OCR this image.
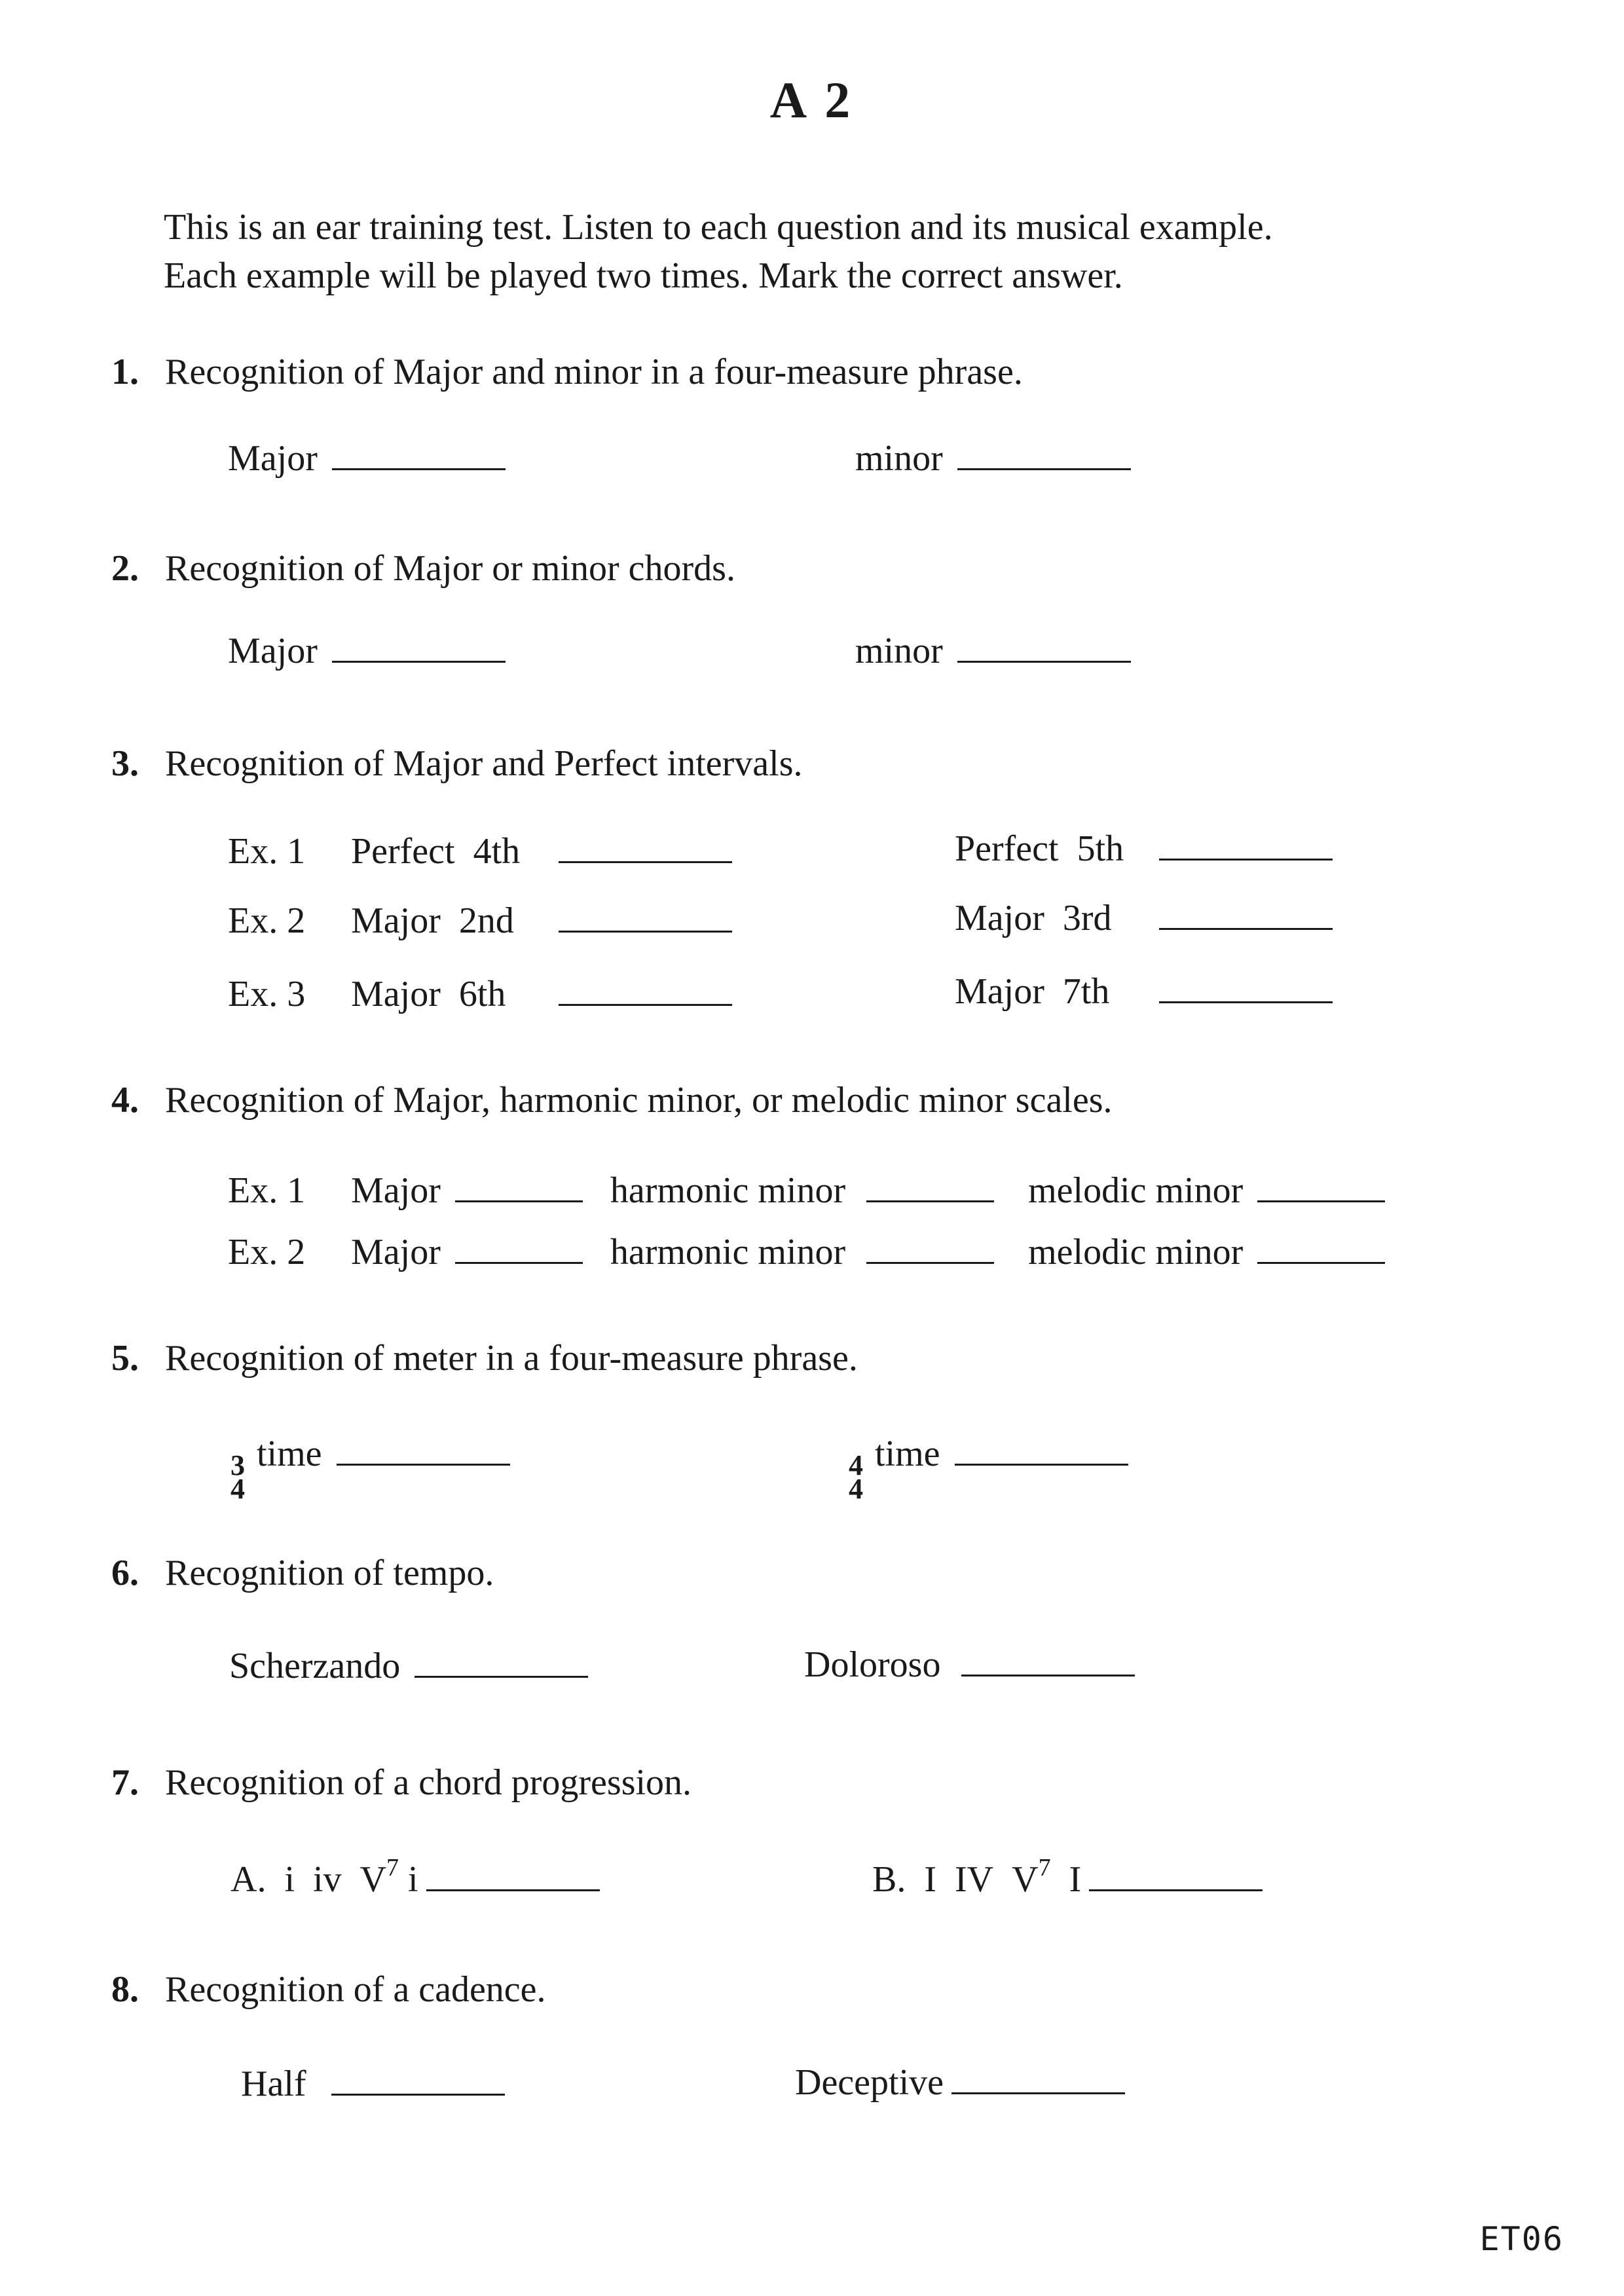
A 2
This is an ear training test. Listen to each question and its musical example.
Each example will be played two times. Mark the correct answer.
1. Recognition of Major and minor in a four-measure phrase.
Major	minor
2. Recognition of Major or minor chords.
Major	minor
3. Recognition of Major and Perfect intervals.
Ex. 1	Perfect  4th	Perfect  5th
Ex. 2	Major  2nd	Major  3rd
Ex. 3	Major  6th	Major  7th
4. Recognition of Major, harmonic minor, or melodic minor scales.
Ex. 1	Major	harmonic minor	melodic minor
Ex. 2	Major	harmonic minor	melodic minor
5. Recognition of meter in a four-measure phrase.
3
4
time	4
4
time
6. Recognition of tempo.
Scherzando	Doloroso
7. Recognition of a chord progression.
A. i iv V 7 i	B. I IV V 7 I
8. Recognition of a cadence.
Half	Deceptive
ET06
